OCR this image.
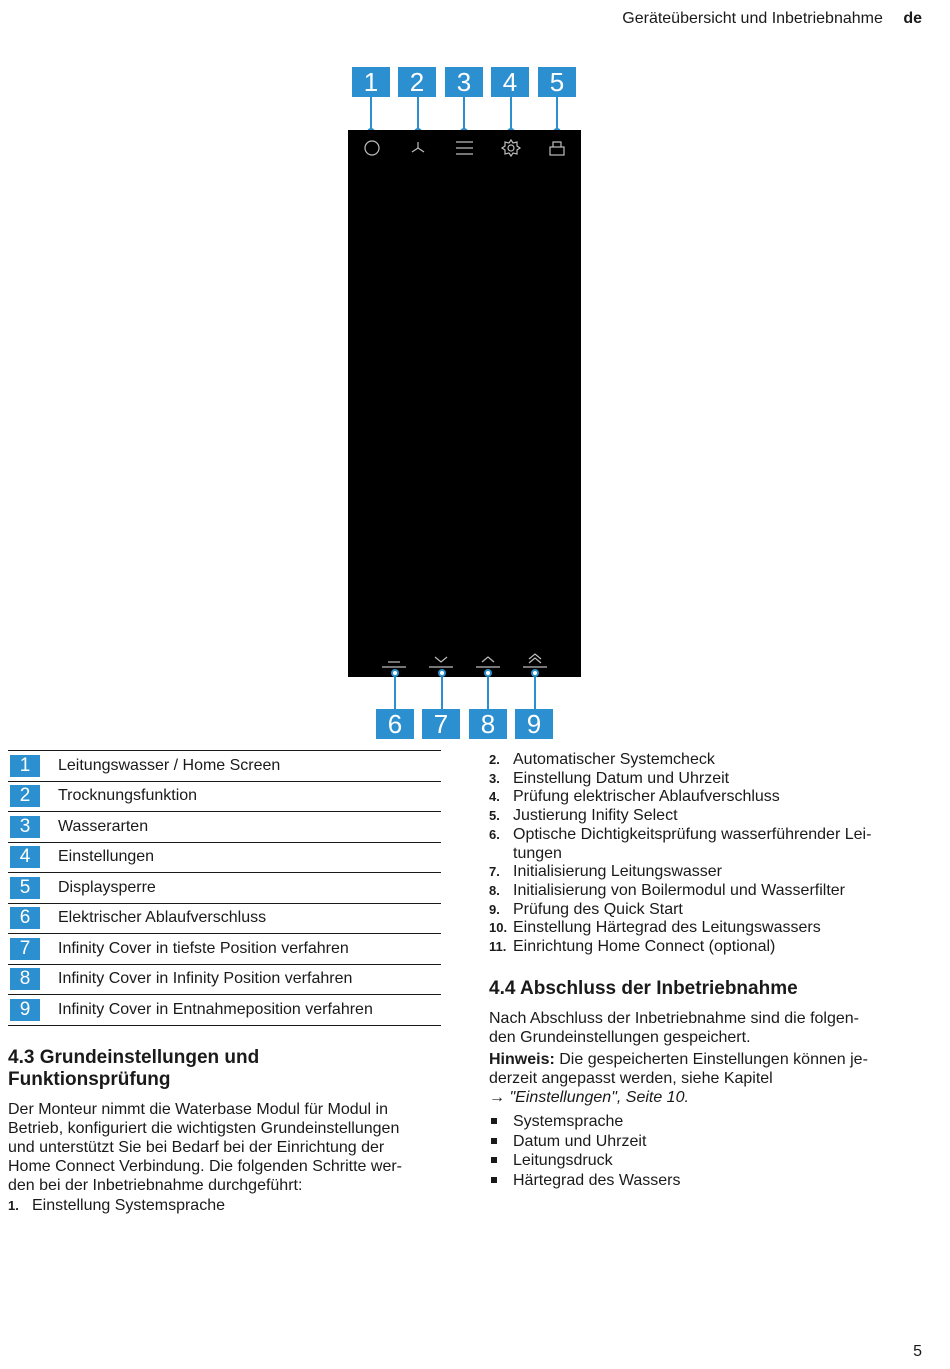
Geräteübersicht und Inbetriebnahme de
1	2	3	4	5
6	7	8	9
1	Leitungswasser / Home Screen
2	Trocknungsfunktion
3	Wasserarten
4	Einstellungen
5	Displaysperre
6	Elektrischer Ablaufverschluss
7	Infinity Cover in tiefste Position verfahren
8	Infinity Cover in Infinity Position verfahren
9	Infinity Cover in Entnahmeposition verfahren
4.3 Grundeinstellungen und
Funktionsprüfung
Der Monteur nimmt die Waterbase Modul für Modul in
Betrieb, konfiguriert die wichtigsten Grundeinstellungen
und unterstützt Sie bei Bedarf bei der Einrichtung der
Home Connect Verbindung. Die folgenden Schritte wer-
den bei der Inbetriebnahme durchgeführt:
1. Einstellung Systemsprache
2. Automatischer Systemcheck
3. Einstellung Datum und Uhrzeit
4. Prüfung elektrischer Ablaufverschluss
5. Justierung Inifity Select
6. Optische Dichtigkeitsprüfung wasserführender Lei-
tungen
7. Initialisierung Leitungswasser
8. Initialisierung von Boilermodul und Wasserfilter
9. Prüfung des Quick Start
10. Einstellung Härtegrad des Leitungswassers
11. Einrichtung Home Connect (optional)
4.4 Abschluss der Inbetriebnahme
Nach Abschluss der Inbetriebnahme sind die folgen-
den Grundeinstellungen gespeichert.
Hinweis: Die gespeicherten Einstellungen können je-
derzeit angepasst werden, siehe Kapitel
→ "Einstellungen", Seite 10.
Systemsprache
Datum und Uhrzeit
Leitungsdruck
Härtegrad des Wassers
5
